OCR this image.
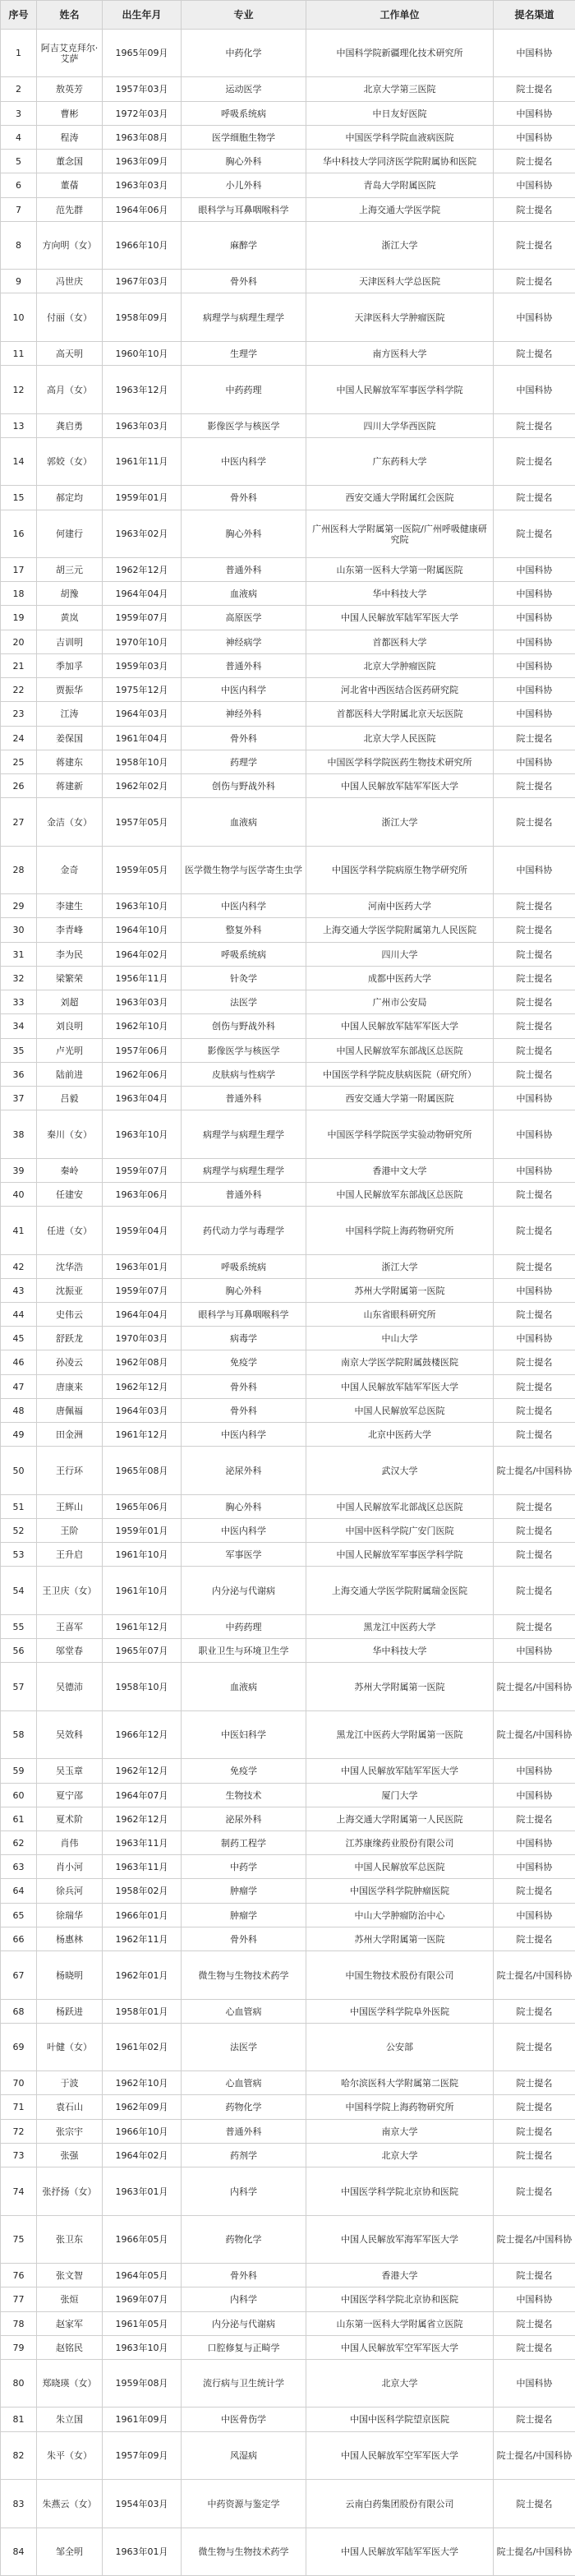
序号	姓名	出生年月	专业	工作单位	提名渠道
1	阿吉艾克拜尔·艾萨	1965年09月	中药化学	中国科学院新疆理化技术研究所	中国科协
2	敖英芳	1957年03月	运动医学	北京大学第三医院	院士提名
3	曹彬	1972年03月	呼吸系统病	中日友好医院	中国科协
4	程涛	1963年08月	医学细胞生物学	中国医学科学院血液病医院	中国科协
5	董念国	1963年09月	胸心外科	华中科技大学同济医学院附属协和医院	院士提名
6	董蒨	1963年03月	小儿外科	青岛大学附属医院	中国科协
7	范先群	1964年06月	眼科学与耳鼻咽喉科学	上海交通大学医学院	院士提名
8	方向明（女）	1966年10月	麻醉学	浙江大学	院士提名
9	冯世庆	1967年03月	骨外科	天津医科大学总医院	院士提名
10	付丽（女）	1958年09月	病理学与病理生理学	天津医科大学肿瘤医院	中国科协
11	高天明	1960年10月	生理学	南方医科大学	院士提名
12	高月（女）	1963年12月	中药药理	中国人民解放军军事医学科学院	中国科协
13	龚启勇	1963年03月	影像医学与核医学	四川大学华西医院	院士提名
14	郭姣（女）	1961年11月	中医内科学	广东药科大学	院士提名
15	郝定均	1959年01月	骨外科	西安交通大学附属红会医院	院士提名
16	何建行	1963年02月	胸心外科	广州医科大学附属第一医院/广州呼吸健康研究院	院士提名
17	胡三元	1962年12月	普通外科	山东第一医科大学第一附属医院	中国科协
18	胡豫	1964年04月	血液病	华中科技大学	中国科协
19	黄岚	1959年07月	高原医学	中国人民解放军陆军军医大学	中国科协
20	吉训明	1970年10月	神经病学	首都医科大学	中国科协
21	季加孚	1959年03月	普通外科	北京大学肿瘤医院	中国科协
22	贾振华	1975年12月	中医内科学	河北省中西医结合医药研究院	中国科协
23	江涛	1964年03月	神经外科	首都医科大学附属北京天坛医院	中国科协
24	姜保国	1961年04月	骨外科	北京大学人民医院	院士提名
25	蒋建东	1958年10月	药理学	中国医学科学院医药生物技术研究所	中国科协
26	蒋建新	1962年02月	创伤与野战外科	中国人民解放军陆军军医大学	院士提名
27	金洁（女）	1957年05月	血液病	浙江大学	院士提名
28	金奇	1959年05月	医学微生物学与医学寄生虫学	中国医学科学院病原生物学研究所	中国科协
29	李建生	1963年10月	中医内科学	河南中医药大学	院士提名
30	李青峰	1964年10月	整复外科	上海交通大学医学院附属第九人民医院	院士提名
31	李为民	1964年02月	呼吸系统病	四川大学	院士提名
32	梁繁荣	1956年11月	针灸学	成都中医药大学	院士提名
33	刘超	1963年03月	法医学	广州市公安局	院士提名
34	刘良明	1962年10月	创伤与野战外科	中国人民解放军陆军军医大学	院士提名
35	卢光明	1957年06月	影像医学与核医学	中国人民解放军东部战区总医院	院士提名
36	陆前进	1962年06月	皮肤病与性病学	中国医学科学院皮肤病医院（研究所）	院士提名
37	吕毅	1963年04月	普通外科	西安交通大学第一附属医院	中国科协
38	秦川（女）	1963年10月	病理学与病理生理学	中国医学科学院医学实验动物研究所	中国科协
39	秦岭	1959年07月	病理学与病理生理学	香港中文大学	中国科协
40	任建安	1963年06月	普通外科	中国人民解放军东部战区总医院	院士提名
41	任进（女）	1959年04月	药代动力学与毒理学	中国科学院上海药物研究所	院士提名
42	沈华浩	1963年01月	呼吸系统病	浙江大学	院士提名
43	沈振亚	1959年07月	胸心外科	苏州大学附属第一医院	中国科协
44	史伟云	1964年04月	眼科学与耳鼻咽喉科学	山东省眼科研究所	院士提名
45	舒跃龙	1970年03月	病毒学	中山大学	中国科协
46	孙凌云	1962年08月	免疫学	南京大学医学院附属鼓楼医院	院士提名
47	唐康来	1962年12月	骨外科	中国人民解放军陆军军医大学	院士提名
48	唐佩福	1964年03月	骨外科	中国人民解放军总医院	院士提名
49	田金洲	1961年12月	中医内科学	北京中医药大学	院士提名
50	王行环	1965年08月	泌尿外科	武汉大学	院士提名/中国科协
51	王辉山	1965年06月	胸心外科	中国人民解放军北部战区总医院	院士提名
52	王阶	1959年01月	中医内科学	中国中医科学院广安门医院	院士提名
53	王升启	1961年10月	军事医学	中国人民解放军军事医学科学院	院士提名
54	王卫庆（女）	1961年10月	内分泌与代谢病	上海交通大学医学院附属瑞金医院	院士提名
55	王喜军	1961年12月	中药药理	黑龙江中医药大学	院士提名
56	邬堂春	1965年07月	职业卫生与环境卫生学	华中科技大学	中国科协
57	吴德沛	1958年10月	血液病	苏州大学附属第一医院	院士提名/中国科协
58	吴效科	1966年12月	中医妇科学	黑龙江中医药大学附属第一医院	院士提名/中国科协
59	吴玉章	1962年12月	免疫学	中国人民解放军陆军军医大学	中国科协
60	夏宁邵	1964年07月	生物技术	厦门大学	中国科协
61	夏术阶	1962年12月	泌尿外科	上海交通大学附属第一人民医院	院士提名
62	肖伟	1963年11月	制药工程学	江苏康缘药业股份有限公司	中国科协
63	肖小河	1963年11月	中药学	中国人民解放军总医院	中国科协
64	徐兵河	1958年02月	肿瘤学	中国医学科学院肿瘤医院	院士提名
65	徐瑞华	1966年01月	肿瘤学	中山大学肿瘤防治中心	中国科协
66	杨惠林	1962年11月	骨外科	苏州大学附属第一医院	院士提名
67	杨晓明	1962年01月	微生物与生物技术药学	中国生物技术股份有限公司	院士提名/中国科协
68	杨跃进	1958年01月	心血管病	中国医学科学院阜外医院	院士提名
69	叶健（女）	1961年02月	法医学	公安部	院士提名
70	于波	1962年10月	心血管病	哈尔滨医科大学附属第二医院	院士提名
71	袁石山	1962年09月	药物化学	中国科学院上海药物研究所	院士提名
72	张宗宇	1966年10月	普通外科	南京大学	院士提名
73	张强	1964年02月	药剂学	北京大学	院士提名
74	张抒扬（女）	1963年01月	内科学	中国医学科学院北京协和医院	院士提名
75	张卫东	1966年05月	药物化学	中国人民解放军海军军医大学	院士提名/中国科协
76	张文智	1964年05月	骨外科	香港大学	院士提名
77	张烜	1969年07月	内科学	中国医学科学院北京协和医院	中国科协
78	赵家军	1961年05月	内分泌与代谢病	山东第一医科大学附属省立医院	院士提名
79	赵铭民	1963年10月	口腔修复与正畸学	中国人民解放军空军军医大学	院士提名
80	郑晓瑛（女）	1959年08月	流行病与卫生统计学	北京大学	中国科协
81	朱立国	1961年09月	中医骨伤学	中国中医科学院望京医院	院士提名
82	朱平（女）	1957年09月	风湿病	中国人民解放军空军军医大学	院士提名/中国科协
83	朱燕云（女）	1954年03月	中药资源与鉴定学	云南白药集团股份有限公司	院士提名
84	邹全明	1963年01月	微生物与生物技术药学	中国人民解放军陆军军医大学	院士提名/中国科协
